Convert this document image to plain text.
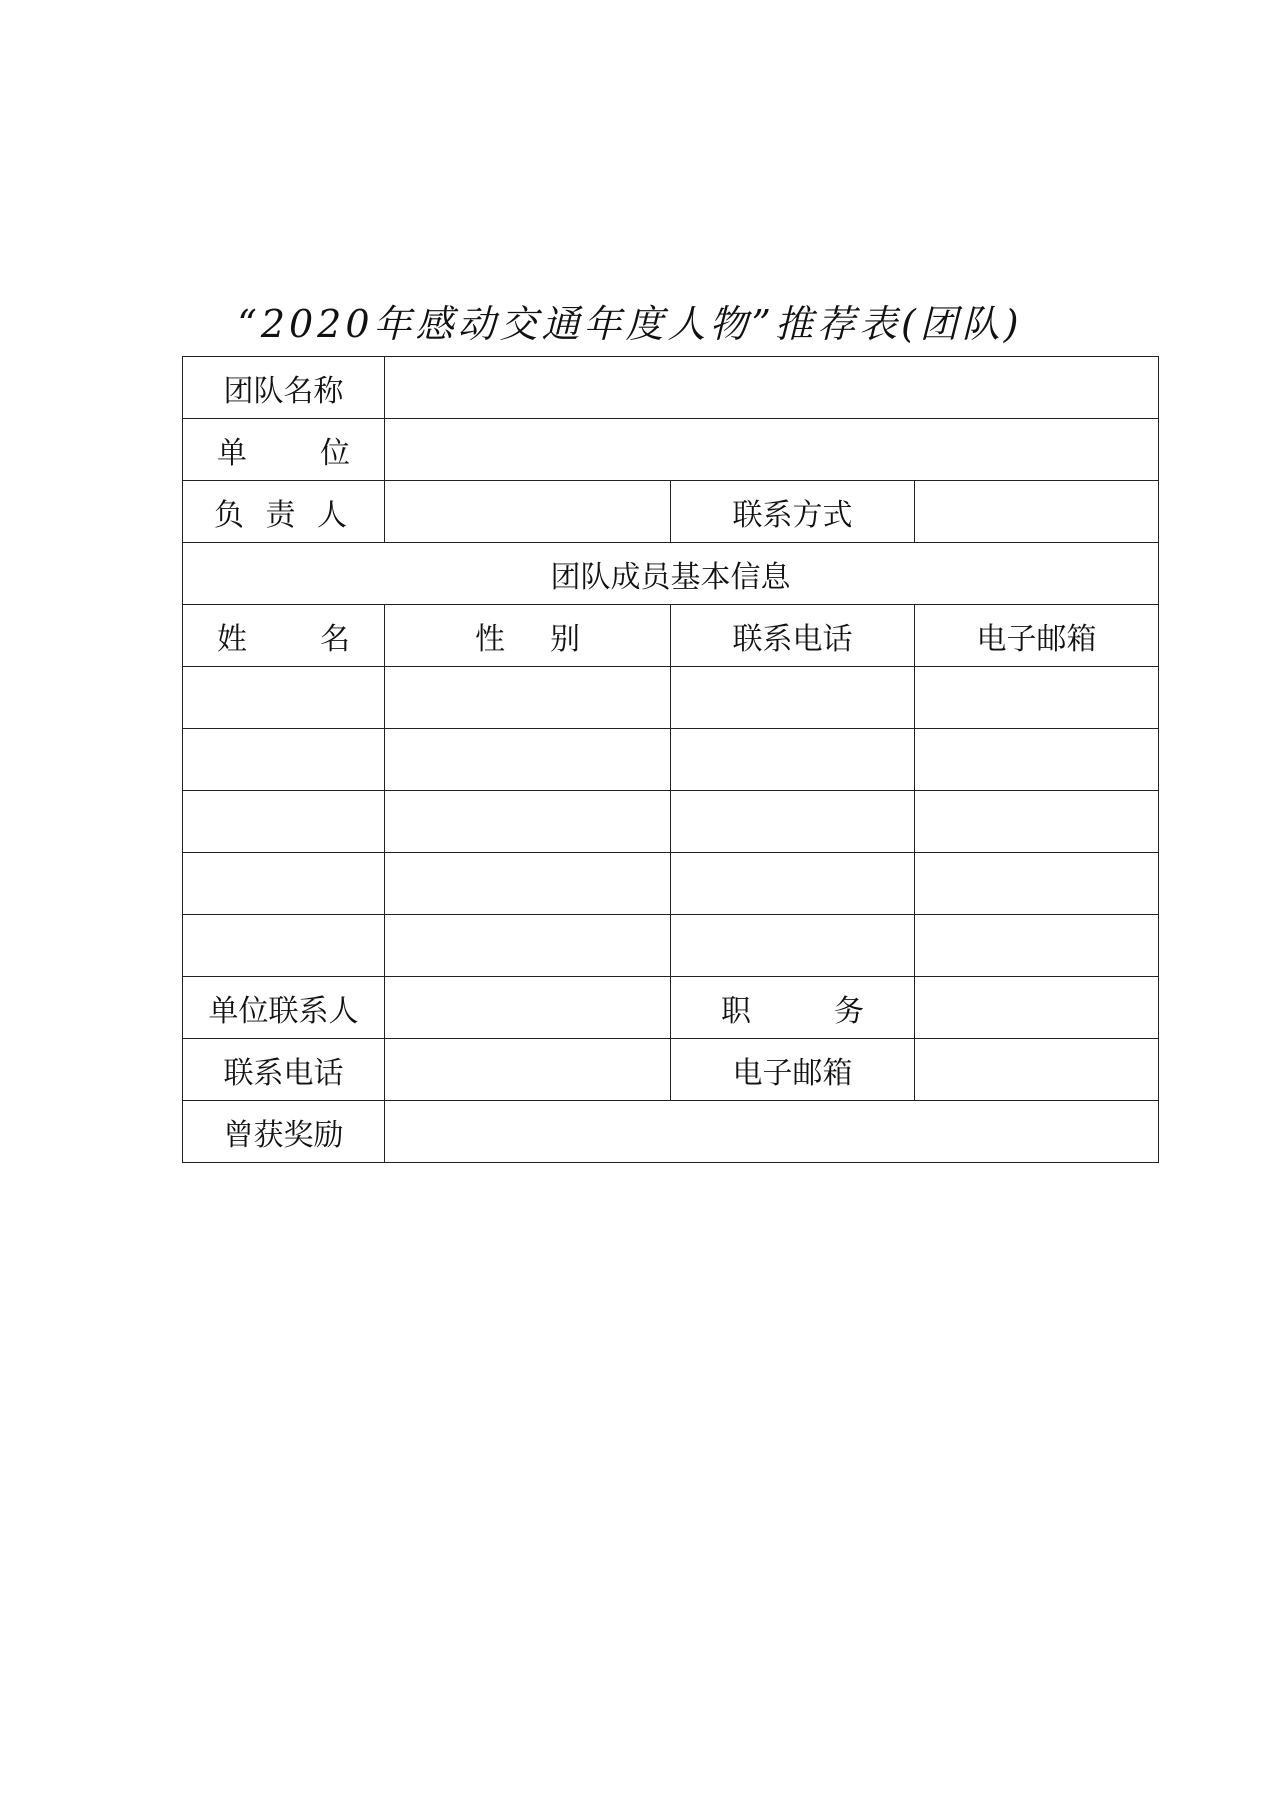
“2020年感动交通年度人物”推荐表(团队)
团队名称			

单 位			

负 责 人		联系方式	
团队成员基本信息			

姓 名	性 别	联系电话	电子邮箱

单位联系人		职 务	

联系电话		电子邮箱	
曾获奖励			
